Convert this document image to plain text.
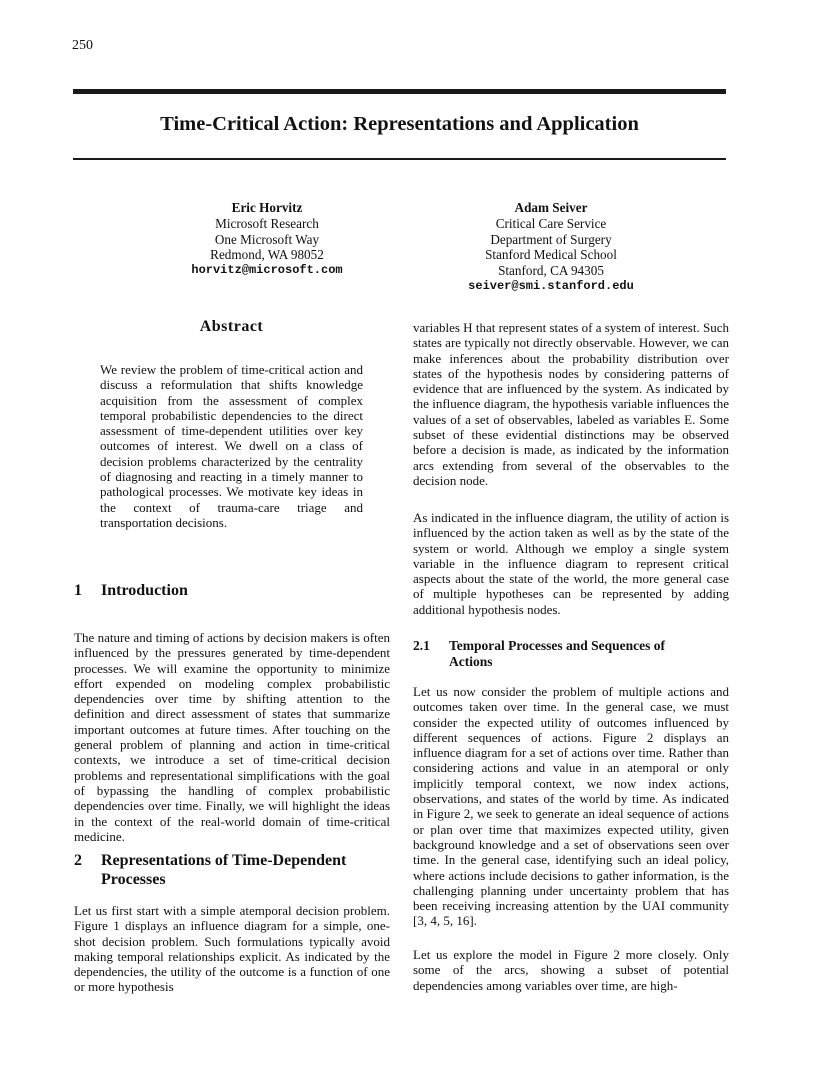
250
Time-Critical Action: Representations and Application
Eric Horvitz
Microsoft Research
One Microsoft Way
Redmond, WA 98052
horvitz@microsoft.com
Adam Seiver
Critical Care Service
Department of Surgery
Stanford Medical School
Stanford, CA 94305
seiver@smi.stanford.edu
Abstract
We review the problem of time-critical action and discuss a reformulation that shifts knowledge acquisition from the assessment of complex temporal probabilistic dependencies to the direct assessment of time-dependent utilities over key outcomes of interest. We dwell on a class of decision problems characterized by the centrality of diagnosing and reacting in a timely manner to pathological processes. We motivate key ideas in the context of trauma-care triage and transportation decisions.
1 Introduction
The nature and timing of actions by decision makers is often influenced by the pressures generated by time-dependent processes. We will examine the opportunity to minimize effort expended on modeling complex probabilistic dependencies over time by shifting attention to the definition and direct assessment of states that summarize important outcomes at future times. After touching on the general problem of planning and action in time-critical contexts, we introduce a set of time-critical decision problems and representational simplifications with the goal of bypassing the handling of complex probabilistic dependencies over time. Finally, we will highlight the ideas in the context of the real-world domain of time-critical medicine.
2 Representations of Time-Dependent
Processes
Let us first start with a simple atemporal decision problem. Figure 1 displays an influence diagram for a simple, one-shot decision problem. Such formulations typically avoid making temporal relationships explicit. As indicated by the dependencies, the utility of the outcome is a function of one or more hypothesis
variables H that represent states of a system of interest. Such states are typically not directly observable. However, we can make inferences about the probability distribution over states of the hypothesis nodes by considering patterns of evidence that are influenced by the system. As indicated by the influence diagram, the hypothesis variable influences the values of a set of observables, labeled as variables E. Some subset of these evidential distinctions may be observed before a decision is made, as indicated by the information arcs extending from several of the observables to the decision node.
As indicated in the influence diagram, the utility of action is influenced by the action taken as well as by the state of the system or world. Although we employ a single system variable in the influence diagram to represent critical aspects about the state of the world, the more general case of multiple hypotheses can be represented by adding additional hypothesis nodes.
2.1 Temporal Processes and Sequences of
Actions
Let us now consider the problem of multiple actions and outcomes taken over time. In the general case, we must consider the expected utility of outcomes influenced by different sequences of actions. Figure 2 displays an influence diagram for a set of actions over time. Rather than considering actions and value in an atemporal or only implicitly temporal context, we now index actions, observations, and states of the world by time. As indicated in Figure 2, we seek to generate an ideal sequence of actions or plan over time that maximizes expected utility, given background knowledge and a set of observations seen over time. In the general case, identifying such an ideal policy, where actions include decisions to gather information, is the challenging planning under uncertainty problem that has been receiving increasing attention by the UAI community [3, 4, 5, 16].
Let us explore the model in Figure 2 more closely. Only some of the arcs, showing a subset of potential dependencies among variables over time, are high-
